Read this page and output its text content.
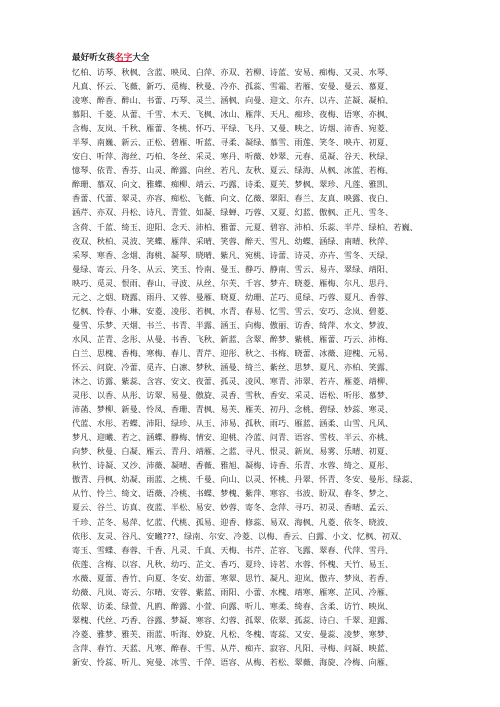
最好听女孩名字大全
忆柏、访琴、秋枫、含蓝、映凤、白萍、亦双、若柳、诗蓝、安易、痴梅、又灵、水琴、
凡真、怀云、飞薇、新巧、觅梅、秋曼、冷亦、孤蕊、雪霜、若雁、安曼、曼云、慕夏、
凌寒、醉香、醉山、书蕾、巧琴、灵兰、涵枫、向曼、迎文、尔卉、以卉、芷凝、凝柏、
慕阳、千菱、从蕾、千雪、木天、飞枫、冰山、雁萍、天凡、痴珍、夜梅、语寒、亦枫、
含梅、友岚、千秋、雁蕾、冬桃、怀巧、平绿、飞丹、又曼、映之、访烟、沛香、宛菱、
半琴、南巍、新云、正松、碧雁、听蓝、寻柔、凝绿、慕雪、雨莲、笑冬、映卉、初夏、
安白、听萍、海丝、巧柏、冬丝、采灵、寒丹、听薇、妙翠、元春、觅凝、谷天、秋绿、
憶琴、依青、香芬、山灵、醉露、向丝、若凡、友秋、夏云、绿海、从枫、冰蓝、若梅、
醉珊、慕双、向文、雅蝶、痴柳、靖云、巧露、诗柔、夏芙、梦枫、翠珍、凡莲、雅凯、
香蕾、代蕾、翠灵、亦容、痴松、飞薇、向文、亿薇、翠阳、春兰、友真、映露、夜白、
涵芹、亦双、丹松、诗凡、青萱、如凝、绿蝉、巧蓉、又夏、幻蓝、傲枫、正凡、雪冬、
含荷、千蓝、绮玉、迎阳、念天、沛柏、雅蕾、元夏、碧容、沛柏、乐蕊、半芹、绿柏、若巍、
夜双、秋柏、灵波、笑蝶、雁萍、采晴、笑蓉、醉天、雪凡、幼蝶、涵绿、南晴、秋萍、
采琴、寒香、念烟、海桃、凝琴、晓晴、紫凡、宛桃、诗蕾、诗灵、亦卉、雪冬、天绿、
曼绿、寄云、丹冬、从云、笑玉、怜南、曼玉、静巧、静南、雪云、易卉、翠绿、靖阳、
映巧、觅灵、恨雨、春山、寻波、从丝、尔芙、千容、梦卉、晓菱、雁梅、尔凡、思丹、
元之、之烟、晓露、雨丹、又蓉、曼雁、晓夏、幼珊、芷巧、觅绿、巧蓉、夏凡、香蓉、
忆枫、怜春、小琳、安菱、凌彤、若枫、水青、春易、忆雪、雪云、安巧、念岚、碧菱、
曼雪、乐梦、天烟、书兰、书青、半露、涵玉、向梅、傲丽、访香、绮萍、水文、梦波、
水风、芷青、念彤、从曼、书香、飞秋、新蓝、含翠、醉梦、紫桃、雁蕾、巧云、沛梅、
白兰、思槐、香梅、寒梅、春儿、青芹、迎彤、秋之、书梅、晓蕾、冰薇、迎槐、元易、
怀云、问旋、冷蕾、觅卉、白凛、梦秋、涵曼、绮兰、紫丝、思梦、夏凡、亦柏、笑露、
沐之、访露、紫蕊、含容、安文、夜蕾、孤灵、凌风、寒青、沛翠、若卉、雁菱、靖柳、
灵彤、以香、从彤、访翠、易曼、傲旋、灵香、雪秋、香安、采灵、语松、听彤、慕梦、
沛菡、梦柳、新曼、怜凤、香珊、青枫、易芙、雁芙、初丹、念桃、碧绿、妙蕊、寒灵、
代蓝、水彤、若蝶、沛阳、绿珍、从玉、沛易、孤秋、雨巧、雁蓝、涵柔、山雪、凡风、
梦凡、迎曦、若之、涵蝶、静梅、情安、迎桃、冷蓝、问青、语容、雪枝、半云、亦桃、
向梦、秋曼、白凝、雁云、青丹、靖雁、之蓝、寻凡、恨灵、新岚、易雾、乐晴、初夏、
秋竹、诗凝、又沙、沛薇、凝晴、香薇、雅旭、凝梅、诗香、乐青、水蓉、绮之、夏彤、
傲青、丹枫、幼凝、雨蓝、之桃、千曼、向山、以灵、怀桃、丹翠、怀青、冬安、曼彤、绿蕊、
从竹、怜兰、绮文、语薇、冷桃、书蝶、梦槐、紫萍、寒容、书波、盼双、春冬、梦之、
夏云、谷兰、访真、夜蓝、半松、易安、妙蓉、寄冬、念萍、寻巧、初灵、香晴、孟云、
千珍、芷冬、易萍、忆蓝、代桃、孤易、迎香、修蕊、易双、海枫、凡菱、依冬、晓波、
依彤、友灵、谷凡、安曦???、绿南、尔安、冷菱、以梅、香云、白露、小文、忆枫、初双、
寄玉、雪蝶、春蓉、千香、凡灵、千真、天梅、书芹、芷容、飞露、翠春、代萍、雪丹、
依莲、含梅、以容、凡秋、幼巧、芷文、香巧、夏玲、诗茗、水蓉、怀槐、天竹、易玉、
水薇、夏蕾、香竹、向夏、冬安、幼蕾、寒翠、思竹、凝凡、迎岚、傲卉、梦岚、若香、
幼薇、凡岚、寄云、尔晴、安蓉、紫蓝、雨阳、小蕾、水槐、靖寒、雁寒、芷风、冷雁、
依翠、访柔、绿萱、凡鸥、醉露、小萱、向露、听儿、寒柔、绮春、含柔、访竹、映岚、
翠槐、代丝、巧香、谷露、梦凝、寒容、幻蓉、孤翠、依翠、孤蕊、诗白、千翠、迎露、
冷菱、雅梦、雅芙、雨蓝、听海、妙旋、凡松、冬槐、寄蕊、又安、曼蕊、凌梦、寒梦、
含萍、春竹、天蓝、凡寒、醉春、千雪、从芹、痴卉、寂容、凡阳、寻梅、问凝、映蓝、
新安、怜蕊、听儿、宛曼、冰雪、千萍、语容、从梅、若松、翠薇、海旋、冷梅、向雁、
